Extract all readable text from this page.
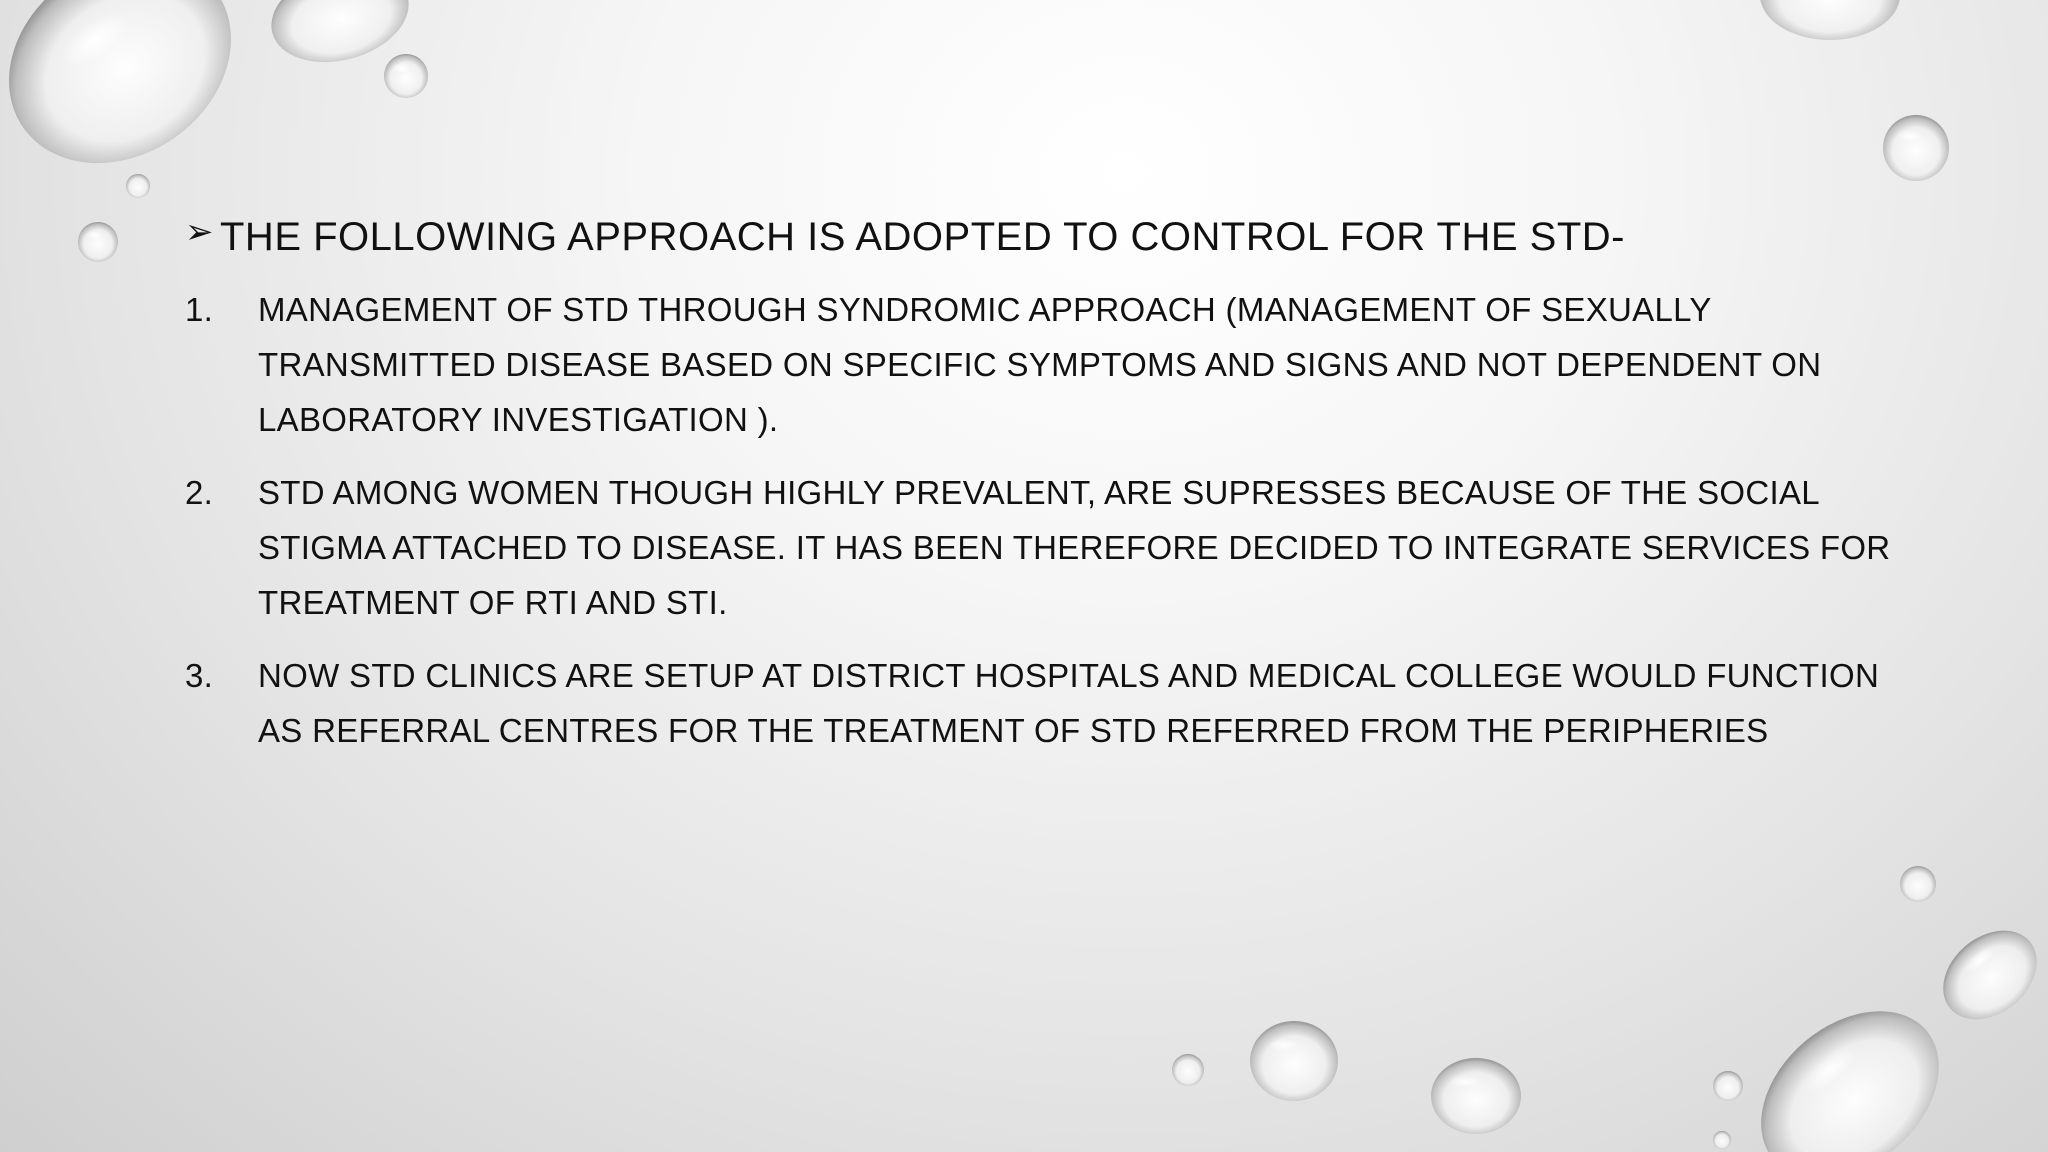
➢ THE FOLLOWING APPROACH IS ADOPTED TO CONTROL FOR THE STD-
1.	MANAGEMENT OF STD THROUGH SYNDROMIC APPROACH (MANAGEMENT OF SEXUALLY TRANSMITTED DISEASE BASED ON SPECIFIC SYMPTOMS AND SIGNS AND NOT DEPENDENT ON LABORATORY INVESTIGATION ).
2.	STD AMONG WOMEN THOUGH HIGHLY PREVALENT, ARE SUPRESSES BECAUSE OF THE SOCIAL STIGMA ATTACHED TO DISEASE. IT HAS BEEN THEREFORE DECIDED TO INTEGRATE SERVICES FOR TREATMENT OF RTI AND STI.
3.	NOW STD CLINICS ARE SETUP AT DISTRICT HOSPITALS AND MEDICAL COLLEGE WOULD FUNCTION AS REFERRAL CENTRES FOR THE TREATMENT OF STD REFERRED FROM THE PERIPHERIES
